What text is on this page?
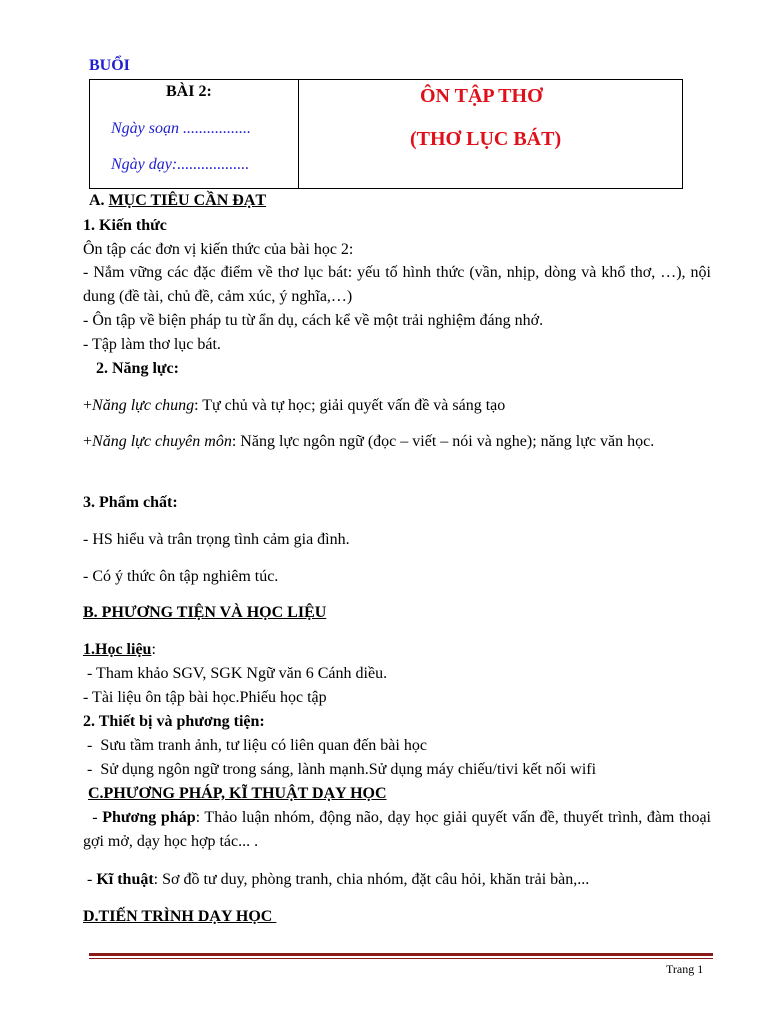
BUỔI
BÀI 2:
Ngày soạn .................
Ngày dạy:..................
ÔN TẬP THƠ
(THƠ LỤC BÁT)
A. MỤC TIÊU CẦN ĐẠT
1. Kiến thức
Ôn tập các đơn vị kiến thức của bài học 2:
- Nắm vững các đặc điểm về thơ lục bát: yếu tố hình thức (vần, nhịp, dòng và khổ thơ, …), nội dung (đề tài, chủ đề, cảm xúc, ý nghĩa,…)
- Ôn tập về biện pháp tu từ ẩn dụ, cách kể về một trải nghiệm đáng nhớ.
- Tập làm thơ lục bát.
2. Năng lực:
+Năng lực chung: Tự chủ và tự học; giải quyết vấn đề và sáng tạo
+Năng lực chuyên môn: Năng lực ngôn ngữ (đọc – viết – nói và nghe); năng lực văn học.
3. Phẩm chất:
- HS hiểu và trân trọng tình cảm gia đình.
- Có ý thức ôn tập nghiêm túc.
B. PHƯƠNG TIỆN VÀ HỌC LIỆU
1.Học liệu:
- Tham khảo SGV, SGK Ngữ văn 6 Cánh diều.
- Tài liệu ôn tập bài học.Phiếu học tập
2. Thiết bị và phương tiện:
-  Sưu tầm tranh ảnh, tư liệu có liên quan đến bài học
-  Sử dụng ngôn ngữ trong sáng, lành mạnh.Sử dụng máy chiếu/tivi kết nối wifi
C.PHƯƠNG PHÁP, KĨ THUẬT DẠY HỌC
- Phương pháp: Thảo luận nhóm, động não, dạy học giải quyết vấn đề, thuyết trình, đàm thoại gợi mở, dạy học hợp tác... .
- Kĩ thuật: Sơ đồ tư duy, phòng tranh, chia nhóm, đặt câu hỏi, khăn trải bàn,...
D.TIẾN TRÌNH DẠY HỌC
Trang 1
